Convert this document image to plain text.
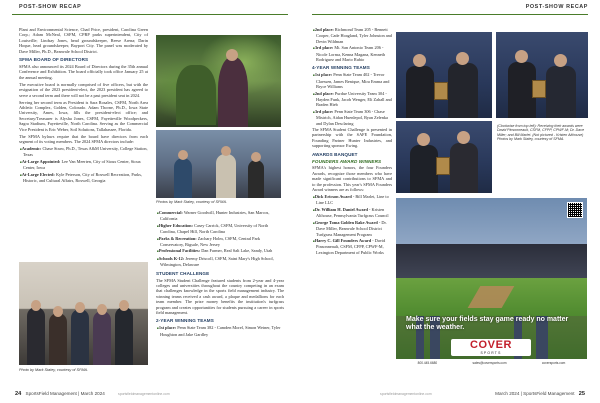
POST-SHOW RECAP

Plant and Environmental Science, Chad Price, president, Carolina Green Corp.; Adam McNeal, CSFM, CPRP parks superintendent, City of Louisville; Lindsay Jones, head groundskeeper, Reese Arena; Darin Hoque, head groundskeeper, Bayport City. The panel was moderated by Dave Miller, Ph.D., Beanvale School District.

SFMA BOARD OF DIRECTORS

SFMA also announced its 2024 Board of Directors during the 35th annual Conference and Exhibition. The board officially took office January 25 at the annual meeting.

The executive board is normally comprised of five officers, but with the resignation of the 2023 president-elect, the 2023 president has agreed to serve a second term and there will not be a past president seat in 2024.

Serving her second term as President is Sara Rosales, CSFM, North Area Athletic Complex, Golden, Colorado. Adam Thorne, Ph.D., Iowa State University, Ames, Iowa, fills the president-elect office; and Secretary/Treasurer is Alysha Jones, CSFM, Fayetteville Woodpeckers, Sagra Stadium, Fayetteville, North Carolina. Serving as the Commercial Vice President is Eric Weber, Soil Solutions, Tallahassee, Florida.

The SFMA bylaws require that the board have directors from each segment of its voting members. The 2024 SFMA directors include:

■ Academic: Chase Straw, Ph.D., Texas A&M University, College Station, Texas
■ At-Large Appointed: Lee Van Meerten, City of Sioux Center, Sioux Center, Iowa
■ At-Large Elected: Kyle Peterson, City of Roswell Recreation, Parks, Historic, and Cultural Affairs, Roswell, Georgia
Photos by Mark Staley, courtesy of SFMA.
■ Commercial: Warner Goodwill, Hunter Industries, San Marcos, California
■ Higher Education: Casey Carrick, CSFM, University of North Carolina, Chapel Hill, North Carolina
■ Parks & Recreation: Zachary Holm, CSFM, Central Park Conservatory, Bigsale, New Jersey
■ Professional Facilities: Dan Farmer, Real Salt Lake, Sandy, Utah
■ Schools K-12: Jeremy Driscoll, CSFM, Saint Mary's High School, Wilmington, Delaware
STUDENT CHALLENGE

The SFMA Student Challenge featured students from 2-year and 4-year colleges and universities throughout the country competing in an exam that challenges knowledge in the sports field management industry. The winning teams received a cash award, a plaque and medallions for each team member. The prize money benefits the institution's turfgrass program and creates opportunities for students pursuing a career in sports field management.

2-YEAR WINNING TEAMS
■ 1st place: Penn State Team 382 - Camden Morel, Simon Weiner, Tyler Houghton and Jake Gardley
Photo by Mark Staley, courtesy of SFMA.
24 SportsField Management | March 2024	sportsfieldmanagementonline.com
POST-SHOW RECAP
■ 2nd place: Richmond Team 205 - Bennett Cooper, Cade Hoagland, Tyler Johnston and Devin Wildman
■ 3rd place: Mt. San Antonio Team 206 - Nicole Lorma, Kenna Magana, Kenneth Rodriguez and Mario Rubio
4-YEAR WINNING TEAMS
■ 1st place: Penn State Team 402 - Trevor Claessen, James Benique, Mira Emma and Bryce Williams
■ 2nd place: Purdue University Team 304 - Hayden Funk, Jacob Wenger, Eli Zahall and Braden Hieb
■ 3rd place: Penn State Team 306 - Chase Mistrich, Aidan Huenlepol, Ryan Zelenka and Dylan Desclaring

The SFMA Student Challenge is presented in partnership with the SAFE Foundation, Founding Partner Hunter Industries, and supporting sponsor Ewing.

AWARDS BANQUET
FOUNDERS AWARD WINNERS

SFMA's highest honors, the four Founders Awards, recognize those members who have made significant contributions to SFMA and to the profession. This year's SFMA Founders Award winners are as follows:

■ Dick Ericson Award - Bill Marlet, Line to Line LLC
■ Dr. William H. Daniel Award - Kristen Althouse, Pennsylvania Turfgrass Council
■ George Toma Golden Rake Award - Dr. Dave Miller, Beanvale School District Turfgrass Management Program
■ Harry C. Gill Founders Award - David Pinsonneault, CSFM, CFPP, CPWF-M, Lexington Department of Public Works
(Clockwise from top left): Receiving their awards were David Pinsonneault, CSFM, CFPP, CPWF-M; Dr. Dave Miller; and Bill Marlet. (Not pictured - Kristen Althouse) Photos by Mark Staley, courtesy of SFMA.
Make sure your fields stay game ready no matter what the weather.
COVER
SPORTS
800.445.6680	sales@coversports.com	coversports.com
March 2024 | SportsField Management 25
sportsfieldmanagementonline.com
